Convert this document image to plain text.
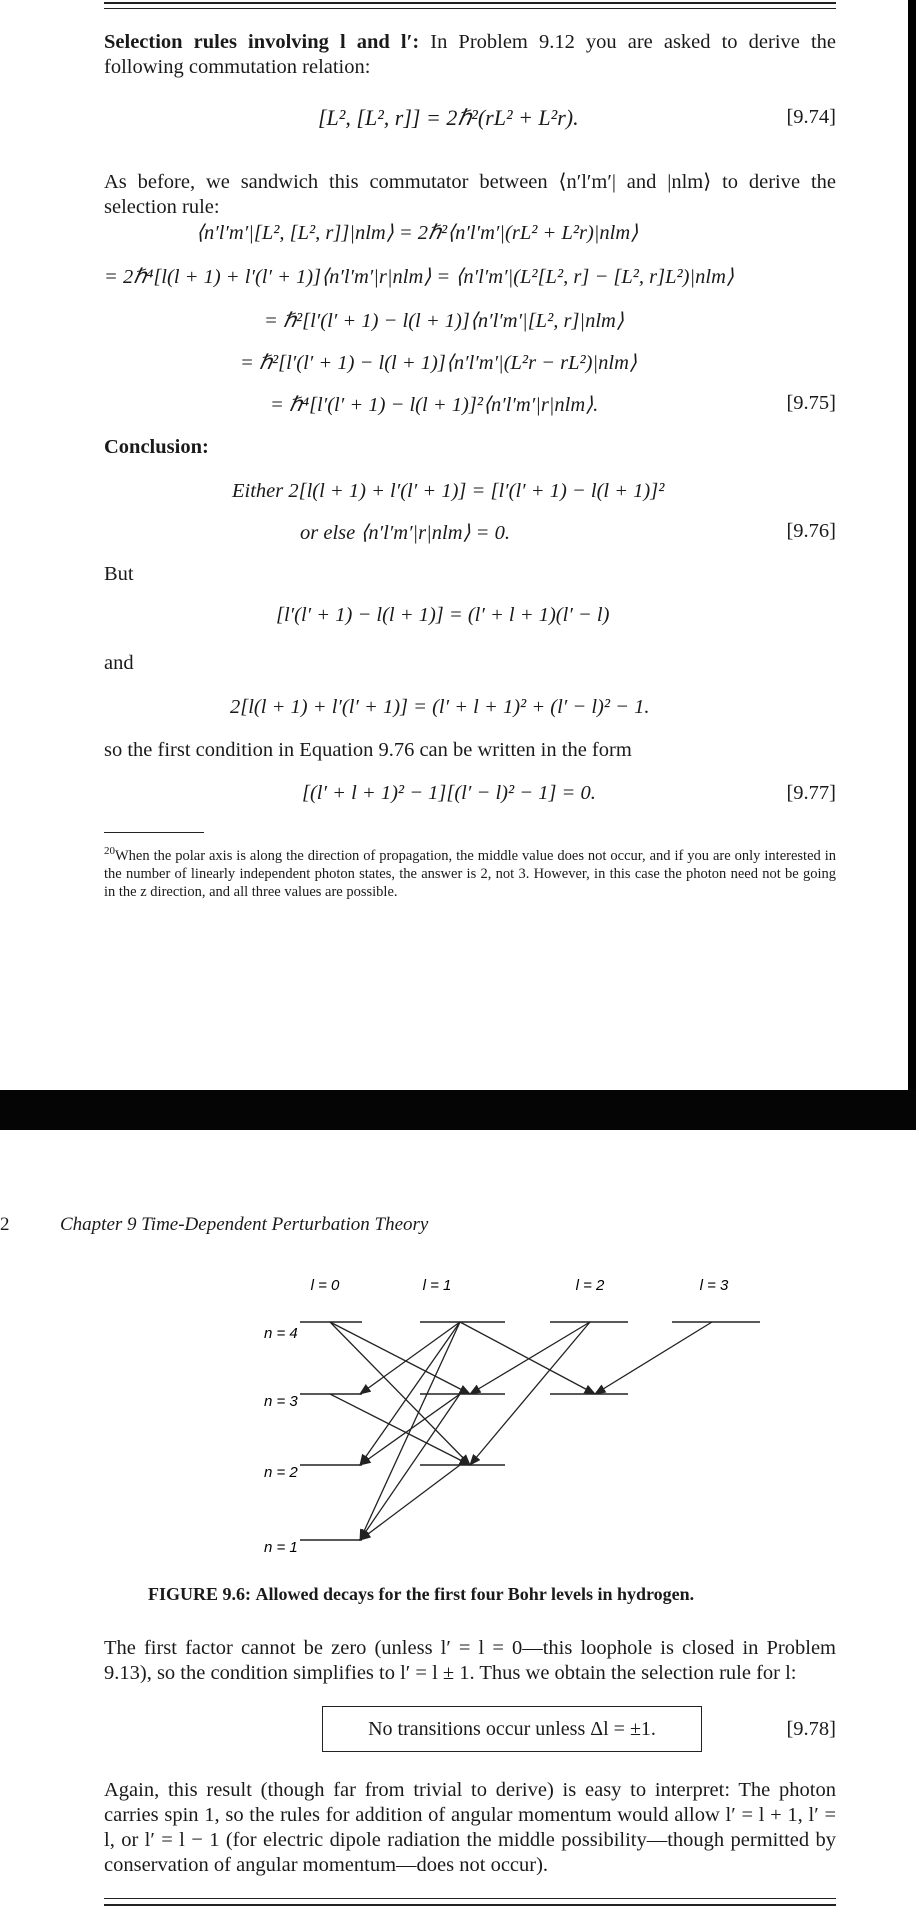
Selection rules involving l and l′: In Problem 9.12 you are asked to derive the following commutation relation:
[L², [L², r]] = 2ℏ²(rL² + L²r).	[9.74]
As before, we sandwich this commutator between ⟨n′l′m′| and |nlm⟩ to derive the selection rule:
⟨n′l′m′|[L², [L², r]]|nlm⟩ = 2ℏ²⟨n′l′m′|(rL² + L²r)|nlm⟩
= 2ℏ⁴[l(l + 1) + l′(l′ + 1)]⟨n′l′m′|r|nlm⟩ = ⟨n′l′m′|(L²[L², r] − [L², r]L²)|nlm⟩
= ℏ²[l′(l′ + 1) − l(l + 1)]⟨n′l′m′|[L², r]|nlm⟩
= ℏ²[l′(l′ + 1) − l(l + 1)]⟨n′l′m′|(L²r − rL²)|nlm⟩
= ℏ⁴[l′(l′ + 1) − l(l + 1)]²⟨n′l′m′|r|nlm⟩.	[9.75]
Conclusion:
Either 2[l(l + 1) + l′(l′ + 1)] = [l′(l′ + 1) − l(l + 1)]²
or else ⟨n′l′m′|r|nlm⟩ = 0.	[9.76]
But
[l′(l′ + 1) − l(l + 1)] = (l′ + l + 1)(l′ − l)
and
2[l(l + 1) + l′(l′ + 1)] = (l′ + l + 1)² + (l′ − l)² − 1.
so the first condition in Equation 9.76 can be written in the form
[(l′ + l + 1)² − 1][(l′ − l)² − 1] = 0.	[9.77]
$^{20}$When the polar axis is along the direction of propagation, the middle value does not occur, and if you are only interested in the number of linearly independent photon states, the answer is 2, not 3. However, in this case the photon need not be going in the z direction, and all three values are possible.
2	Chapter 9 Time-Dependent Perturbation Theory
l = 0	l = 1	l = 2	l = 3
n = 4
n = 3
n = 2
n = 1
FIGURE 9.6: Allowed decays for the first four Bohr levels in hydrogen.
The first factor cannot be zero (unless l′ = l = 0—this loophole is closed in Problem 9.13), so the condition simplifies to l′ = l ± 1. Thus we obtain the selection rule for l:
No transitions occur unless Δl = ±1.	[9.78]
Again, this result (though far from trivial to derive) is easy to interpret: The photon carries spin 1, so the rules for addition of angular momentum would allow l′ = l + 1, l′ = l, or l′ = l − 1 (for electric dipole radiation the middle possibility—though permitted by conservation of angular momentum—does not occur).
